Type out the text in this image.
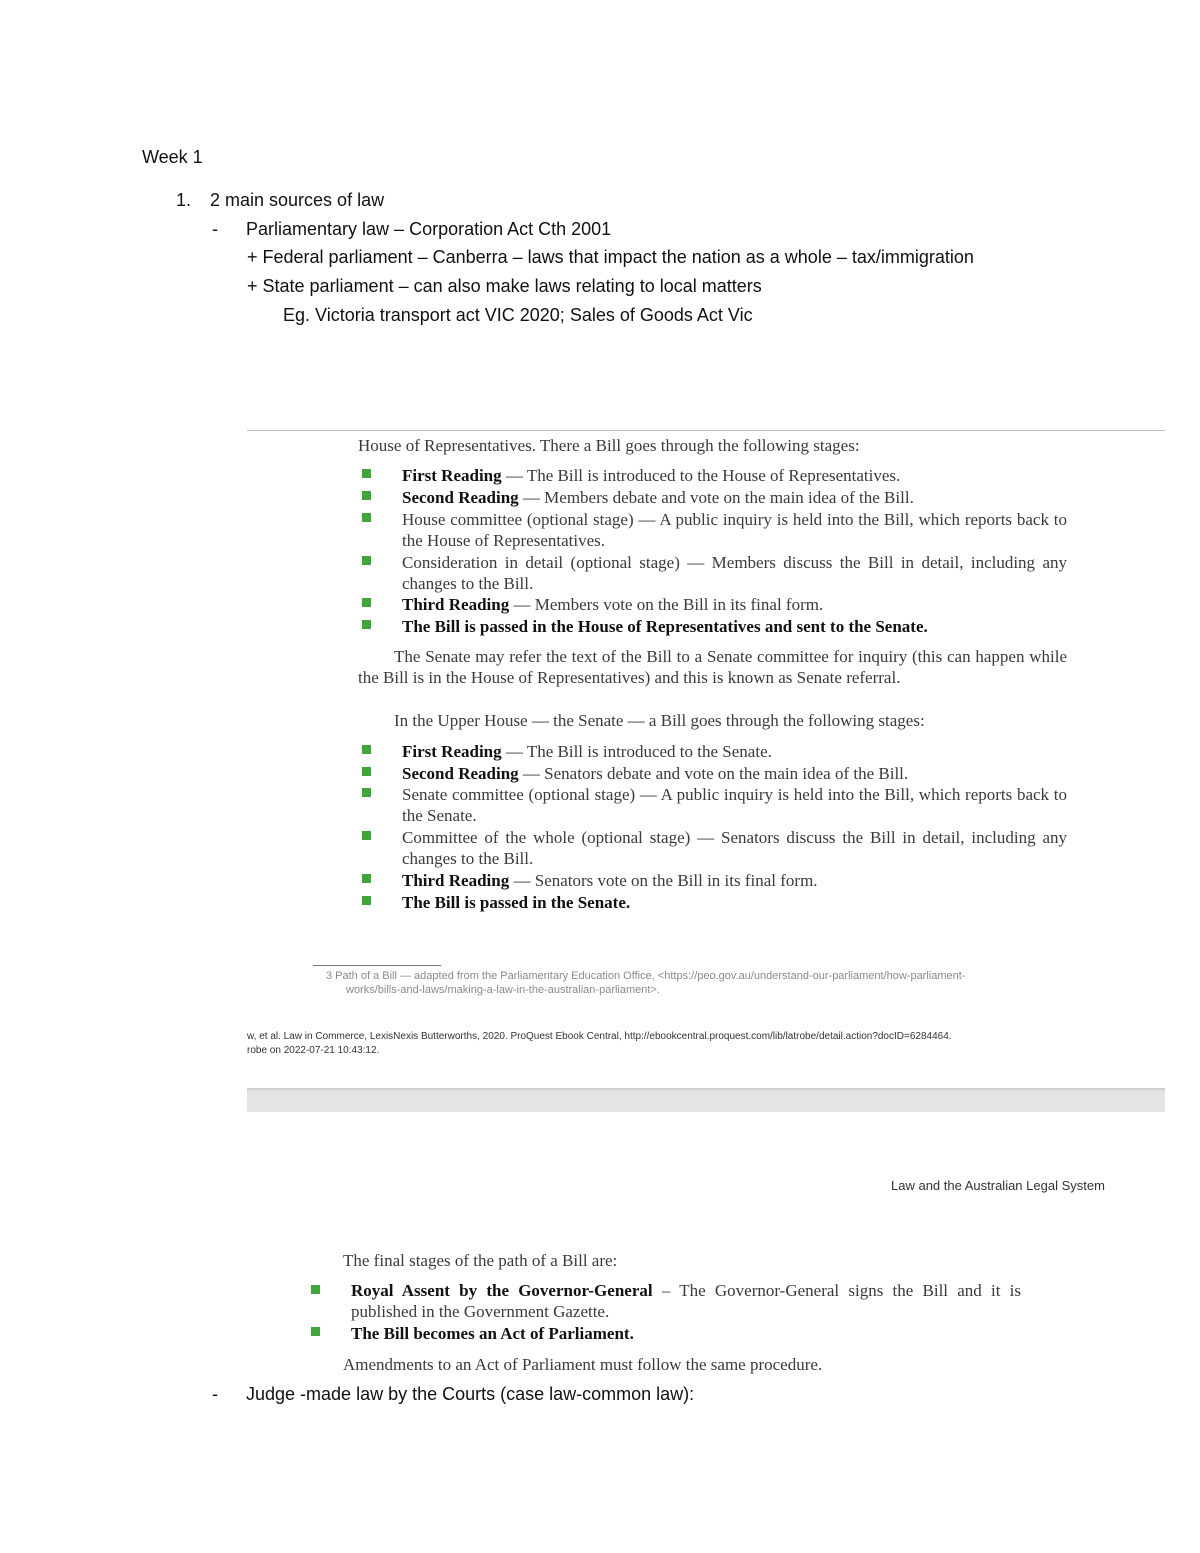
Week 1
1. 2 main sources of law
- Parliamentary law – Corporation Act Cth 2001
+ Federal parliament – Canberra – laws that impact the nation as a whole – tax/immigration
+ State parliament – can also make laws relating to local matters
Eg. Victoria transport act VIC 2020; Sales of Goods Act Vic
House of Representatives. There a Bill goes through the following stages:
First Reading — The Bill is introduced to the House of Representatives.
Second Reading — Members debate and vote on the main idea of the Bill.
House committee (optional stage) — A public inquiry is held into the Bill, which reports back to the House of Representatives.
Consideration in detail (optional stage) — Members discuss the Bill in detail, including any changes to the Bill.
Third Reading — Members vote on the Bill in its final form.
The Bill is passed in the House of Representatives and sent to the Senate.
The Senate may refer the text of the Bill to a Senate committee for inquiry (this can happen while the Bill is in the House of Representatives) and this is known as Senate referral.
In the Upper House — the Senate — a Bill goes through the following stages:
First Reading — The Bill is introduced to the Senate.
Second Reading — Senators debate and vote on the main idea of the Bill.
Senate committee (optional stage) — A public inquiry is held into the Bill, which reports back to the Senate.
Committee of the whole (optional stage) — Senators discuss the Bill in detail, including any changes to the Bill.
Third Reading — Senators vote on the Bill in its final form.
The Bill is passed in the Senate.
3 Path of a Bill — adapted from the Parliamentary Education Office, <https://peo.gov.au/understand-our-parliament/how-parliament-
works/bills-and-laws/making-a-law-in-the-australian-parliament>.
w, et al. Law in Commerce, LexisNexis Butterworths, 2020. ProQuest Ebook Central, http://ebookcentral.proquest.com/lib/latrobe/detail.action?docID=6284464.
robe on 2022-07-21 10:43:12.
Law and the Australian Legal System
The final stages of the path of a Bill are:
Royal Assent by the Governor-General – The Governor-General signs the Bill and it is published in the Government Gazette.
The Bill becomes an Act of Parliament.
Amendments to an Act of Parliament must follow the same procedure.
- Judge -made law by the Courts (case law-common law):
